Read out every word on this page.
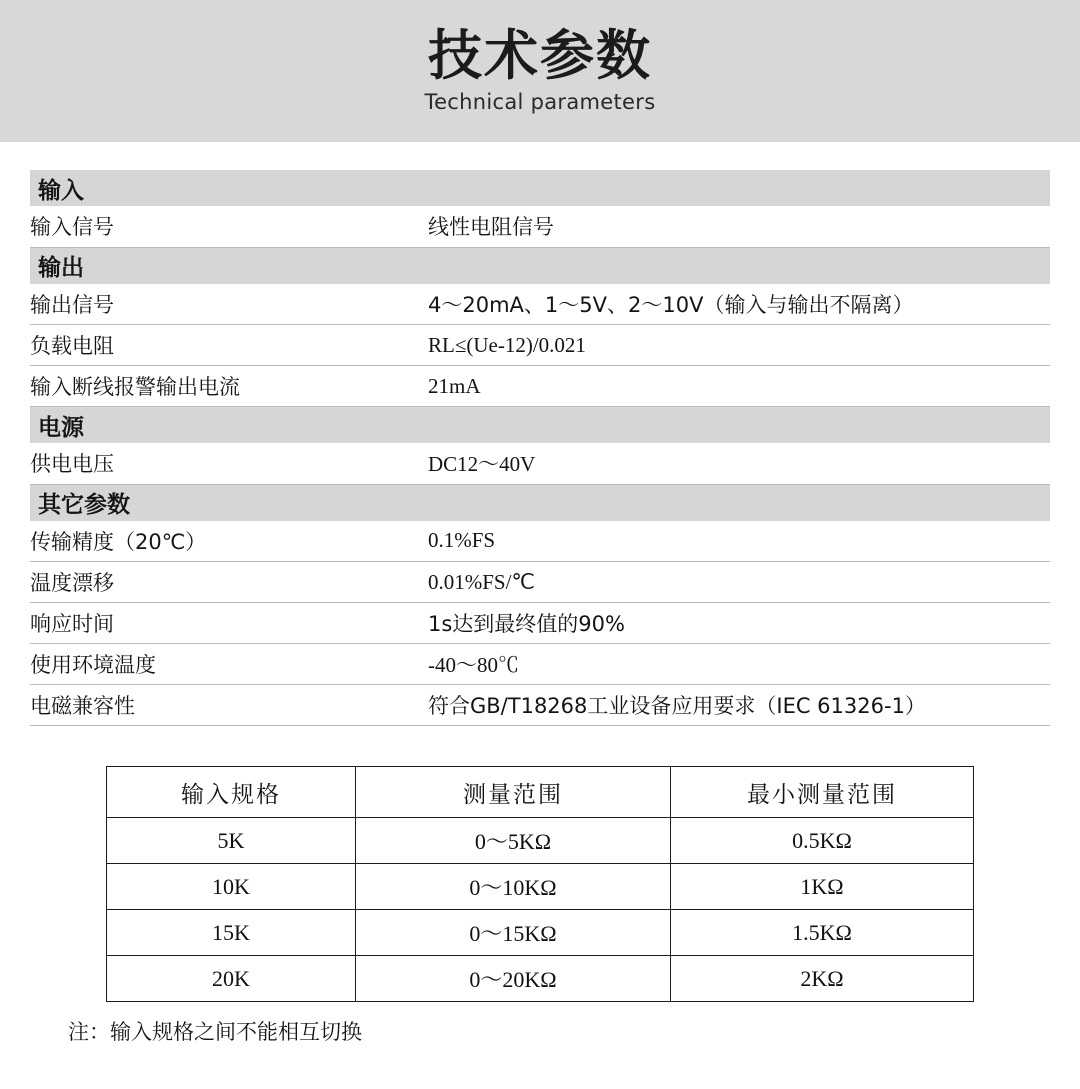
技术参数
Technical parameters
输入	
输入信号	线性电阻信号
输出	
输出信号	4～20mA、1～5V、2～10V（输入与输出不隔离）
负载电阻	RL≤(Ue-12)/0.021
输入断线报警输出电流	21mA
电源	
供电电压	DC12～40V
其它参数	
传输精度（20℃）	0.1%FS
温度漂移	0.01%FS/℃
响应时间	1s达到最终值的90%
使用环境温度	-40～80℃
电磁兼容性	符合GB/T18268工业设备应用要求（IEC 61326-1）
输入规格	测量范围	最小测量范围
5K	0～5KΩ	0.5KΩ
10K	0～10KΩ	1KΩ
15K	0～15KΩ	1.5KΩ
20K	0～20KΩ	2KΩ
注：输入规格之间不能相互切换
